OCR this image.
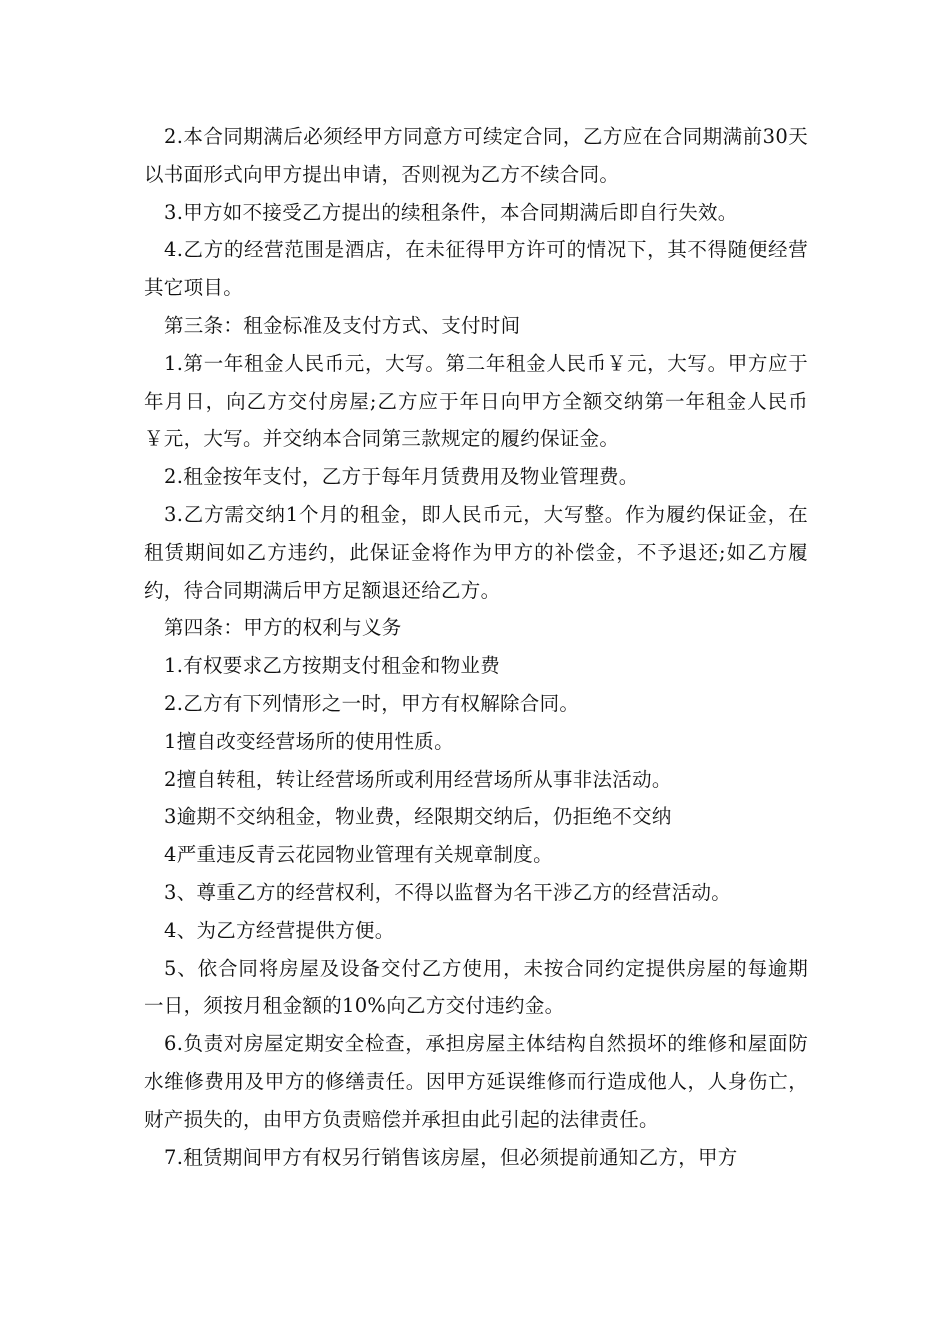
2.本合同期满后必须经甲方同意方可续定合同，乙方应在合同期满前30天以书面形式向甲方提出申请，否则视为乙方不续合同。

3.甲方如不接受乙方提出的续租条件，本合同期满后即自行失效。

4.乙方的经营范围是酒店，在未征得甲方许可的情况下，其不得随便经营其它项目。

第三条：租金标准及支付方式、支付时间

1.第一年租金人民币元，大写。第二年租金人民币￥元，大写。甲方应于年月日，向乙方交付房屋;乙方应于年日向甲方全额交纳第一年租金人民币￥元，大写。并交纳本合同第三款规定的履约保证金。

2.租金按年支付，乙方于每年月赁费用及物业管理费。

3.乙方需交纳1个月的租金，即人民币元，大写整。作为履约保证金，在租赁期间如乙方违约，此保证金将作为甲方的补偿金，不予退还;如乙方履约，待合同期满后甲方足额退还给乙方。

第四条：甲方的权利与义务

1.有权要求乙方按期支付租金和物业费

2.乙方有下列情形之一时，甲方有权解除合同。

1擅自改变经营场所的使用性质。

2擅自转租，转让经营场所或利用经营场所从事非法活动。

3逾期不交纳租金，物业费，经限期交纳后，仍拒绝不交纳

4严重违反青云花园物业管理有关规章制度。

3、尊重乙方的经营权利，不得以监督为名干涉乙方的经营活动。

4、为乙方经营提供方便。

5、依合同将房屋及设备交付乙方使用，未按合同约定提供房屋的每逾期一日，须按月租金额的10%向乙方交付违约金。

6.负责对房屋定期安全检查，承担房屋主体结构自然损坏的维修和屋面防水维修费用及甲方的修缮责任。因甲方延误维修而行造成他人，人身伤亡，财产损失的，由甲方负责赔偿并承担由此引起的法律责任。

7.租赁期间甲方有权另行销售该房屋，但必须提前通知乙方，甲方
